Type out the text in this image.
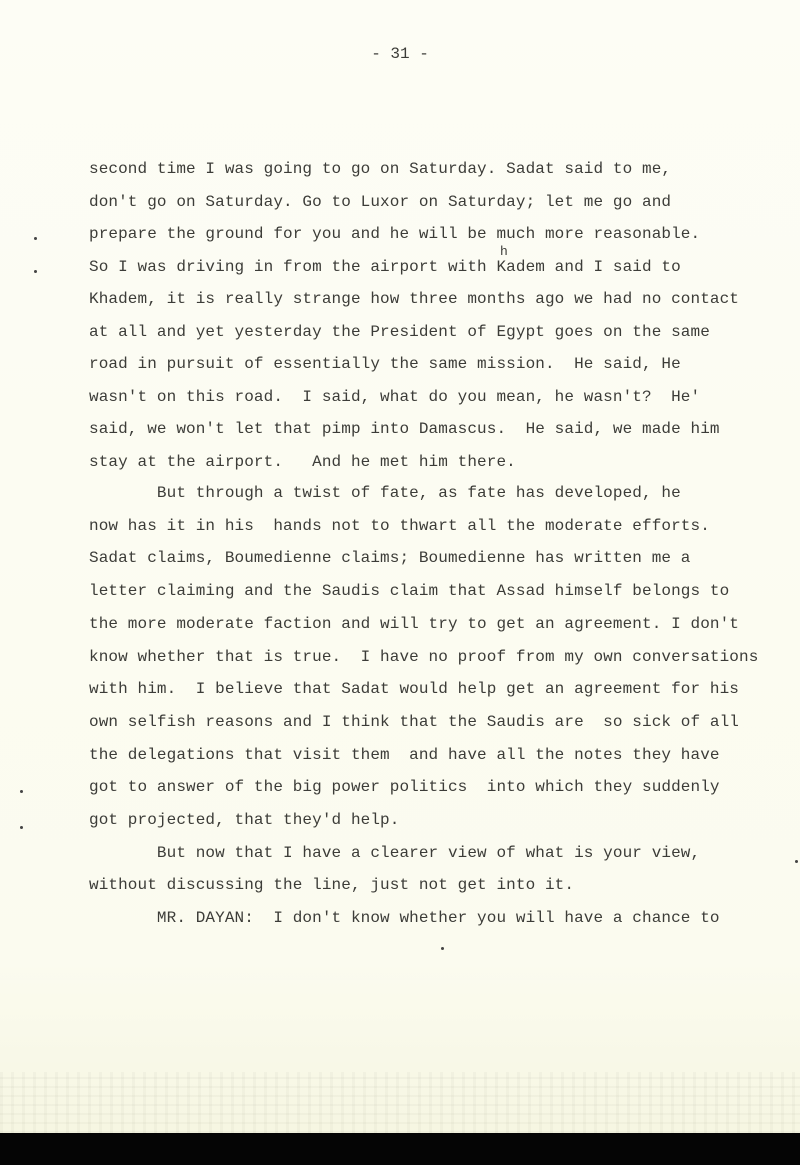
- 31 -
second time I was going to go on Saturday. Sadat said to me,
don't go on Saturday. Go to Luxor on Saturday; let me go and
prepare the ground for you and he will be much more reasonable.
So I was driving in from the airport with Kadem and I said to
Khadem, it is really strange how three months ago we had no contact
at all and yet yesterday the President of Egypt goes on the same
road in pursuit of essentially the same mission.  He said, He
wasn't on this road.  I said, what do you mean, he wasn't?  He'
said, we won't let that pimp into Damascus.  He said, we made him
stay at the airport.   And he met him there.
But through a twist of fate, as fate has developed, he
now has it in his  hands not to thwart all the moderate efforts.
Sadat claims, Boumedienne claims; Boumedienne has written me a
letter claiming and the Saudis claim that Assad himself belongs to
the more moderate faction and will try to get an agreement. I don't
know whether that is true.  I have no proof from my own conversations
with him.  I believe that Sadat would help get an agreement for his
own selfish reasons and I think that the Saudis are  so sick of all
the delegations that visit them  and have all the notes they have
got to answer of the big power politics  into which they suddenly
got projected, that they'd help.
But now that I have a clearer view of what is your view,
without discussing the line, just not get into it.
MR. DAYAN:  I don't know whether you will have a chance to
h
